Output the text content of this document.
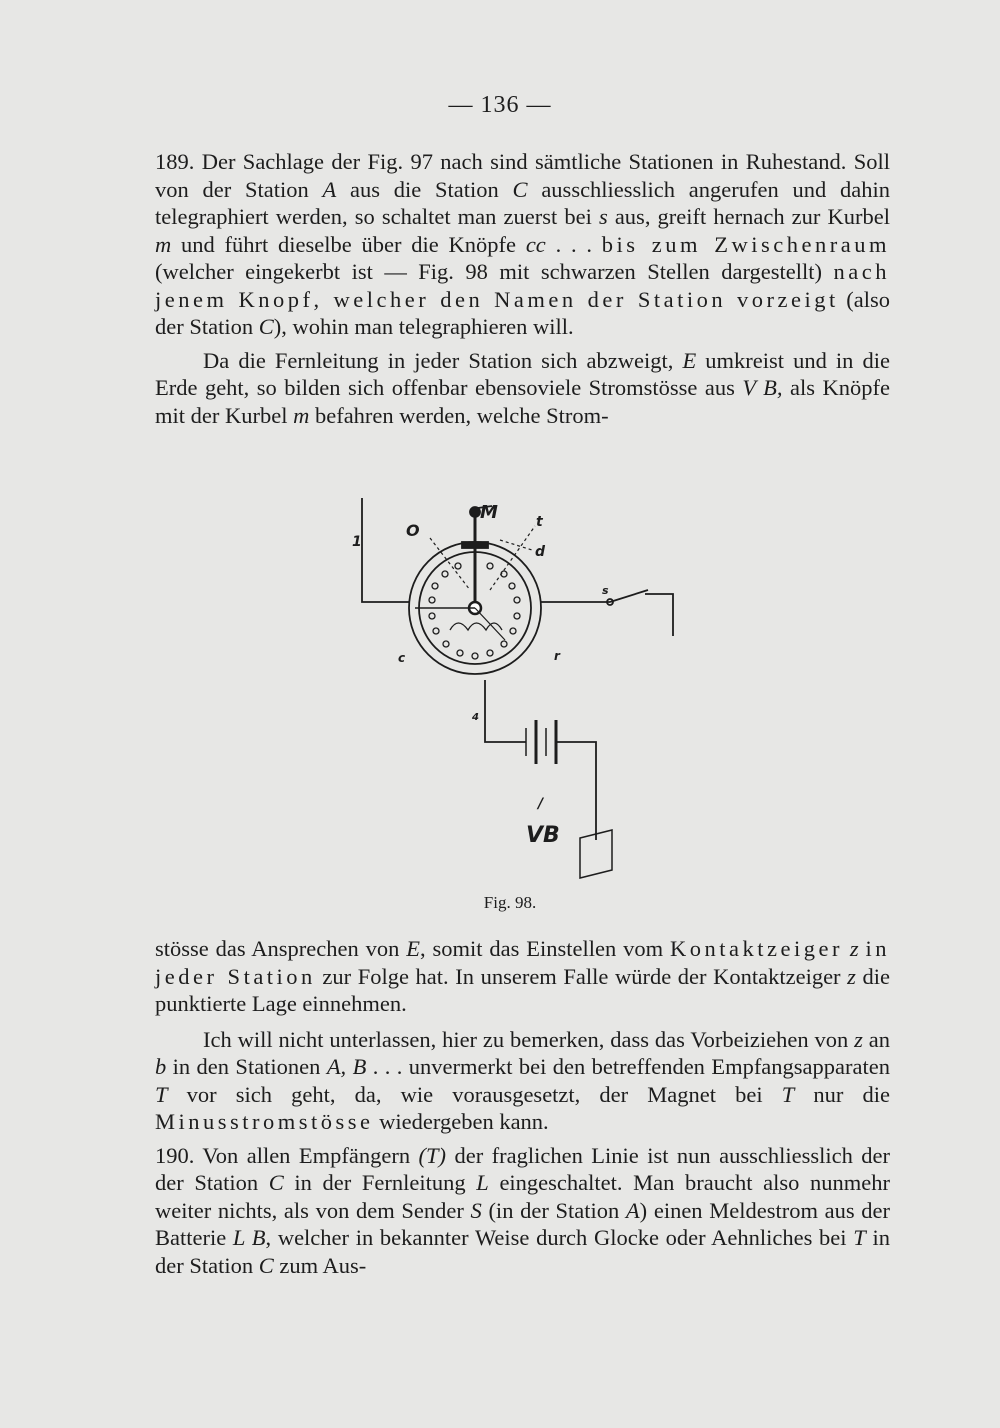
— 136 —

189. Der Sachlage der Fig. 97 nach sind sämtliche Stationen in Ruhestand. Soll von der Station A aus die Station C ausschliesslich angerufen und dahin telegraphiert werden, so schaltet man zuerst bei s aus, greift hernach zur Kurbel m und führt dieselbe über die Knöpfe cc . . . bis zum Zwischenraum (welcher eingekerbt ist — Fig. 98 mit schwarzen Stellen dargestellt) nach jenem Knopf, welcher den Namen der Station vorzeigt (also der Station C), wohin man telegraphieren will.

Da die Fernleitung in jeder Station sich abzweigt, E umkreist und in die Erde geht, so bilden sich offenbar ebensoviele Stromstösse aus V B, als Knöpfe mit der Kurbel m befahren werden, welche Strom-

M	t
d
1
O
s
c	r
4
/
VB
Fig. 98.

stösse das Ansprechen von E, somit das Einstellen vom Kontaktzeiger z in jeder Station zur Folge hat. In unserem Falle würde der Kontaktzeiger z die punktierte Lage einnehmen.

Ich will nicht unterlassen, hier zu bemerken, dass das Vorbeiziehen von z an b in den Stationen A, B . . . unvermerkt bei den betreffenden Empfangsapparaten T vor sich geht, da, wie vorausgesetzt, der Magnet bei T nur die Minusstromstösse wiedergeben kann.

190. Von allen Empfängern (T) der fraglichen Linie ist nun ausschliesslich der der Station C in der Fernleitung L eingeschaltet. Man braucht also nunmehr weiter nichts, als von dem Sender S (in der Station A) einen Meldestrom aus der Batterie L B, welcher in bekannter Weise durch Glocke oder Aehnliches bei T in der Station C zum Aus-
